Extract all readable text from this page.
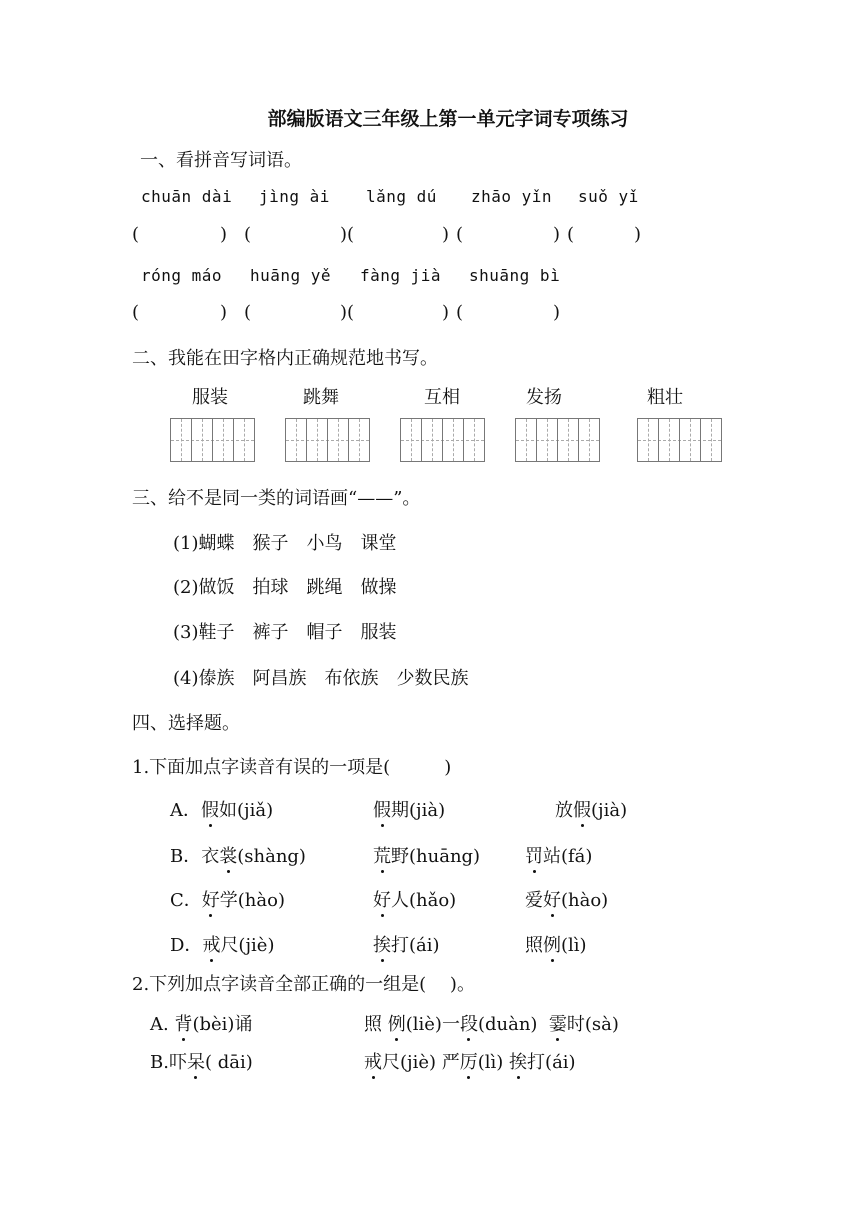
部编版语文三年级上第一单元字词专项练习
一、看拼音写词语。
chuān dài jìng ài lǎng dú zhāo yǐn suǒ yǐ
(	) (	) (	) (	) (	)
róng máo huāng yě fàng jià shuāng bì
(	) (	) (	) (	)
二、我能在田字格内正确规范地书写。
服装	跳舞	互相	发扬	粗壮
三、给不是同一类的词语画“——”。
(1)蝴蝶　猴子　小鸟　课堂
(2)做饭　拍球　跳绳　做操
(3)鞋子　裤子　帽子　服装
(4)傣族　阿昌族　布依族　少数民族
四、选择题。
1.下面加点字读音有误的一项是(　　　)
A．假如(jiǎ)	假期(jià)	放假(jià)
B．衣裳(shàng)	荒野(huāng) 罚站(fá)
C．好学(hào)	好人(hǎo)	爱好(hào)
D．戒尺(jiè)	挨打(ái)	照例(lì)
2.下列加点字读音全部正确的一组是(　 )。
A. 背(bèi)诵	照 例(liè)一段(duàn) 霎时(sà)
B.吓呆( dāi)	戒尺(jiè) 严厉(lì) 挨打(ái)
